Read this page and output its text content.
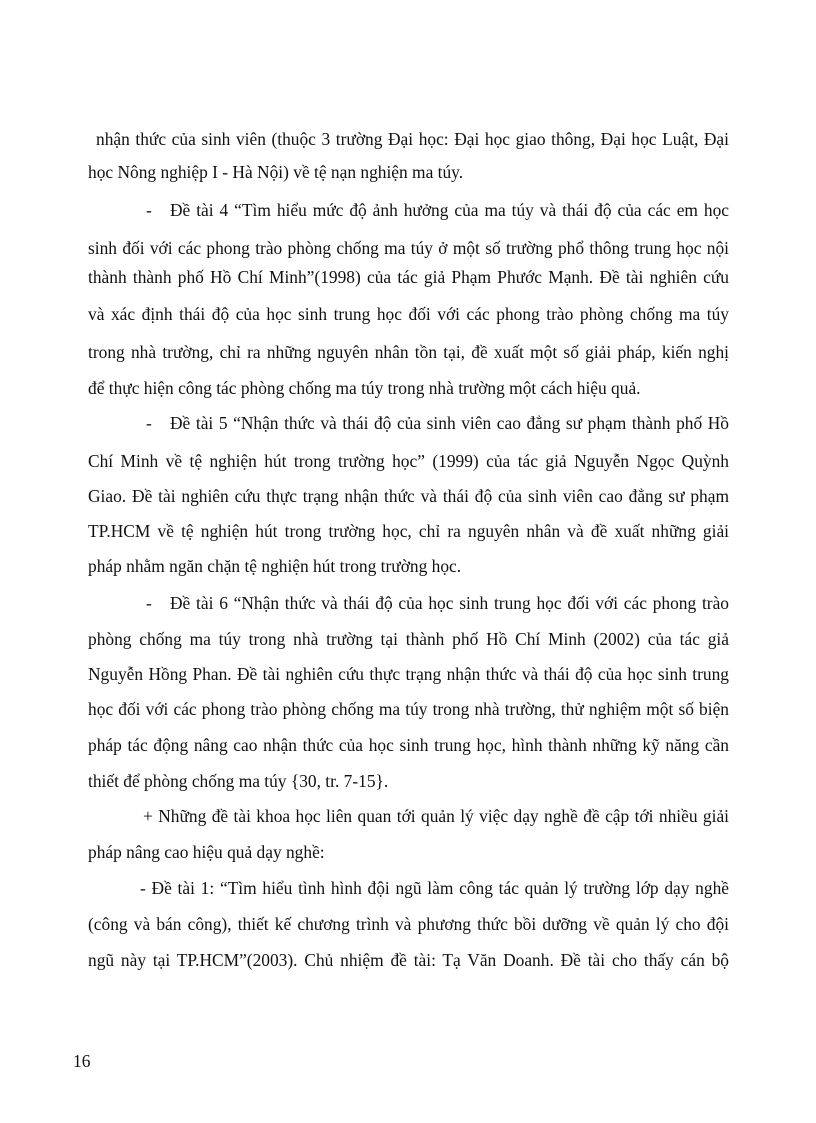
nhận thức của sinh viên (thuộc 3 trường Đại học: Đại học giao thông, Đại học Luật, Đại
học Nông nghiệp I - Hà Nội) về tệ nạn nghiện ma túy.
- Đề tài 4 “Tìm hiểu mức độ ảnh hưởng của ma túy và thái độ của các em học
sinh đối với các phong trào phòng chống ma túy ở một số trường phổ thông trung học nội
thành thành phố Hồ Chí Minh”(1998) của tác giả Phạm Phước Mạnh. Đề tài nghiên cứu
và xác định thái độ của học sinh trung học đối với các phong trào phòng chống ma túy
trong nhà trường, chỉ ra những nguyên nhân tồn tại, đề xuất một số giải pháp, kiến nghị
để thực hiện công tác phòng chống ma túy trong nhà trường một cách hiệu quả.
- Đề tài 5 “Nhận thức và thái độ của sinh viên cao đẳng sư phạm thành phố Hồ
Chí Minh về tệ nghiện hút trong trường học” (1999) của tác giả Nguyễn Ngọc Quỳnh
Giao. Đề tài nghiên cứu thực trạng nhận thức và thái độ của sinh viên cao đẳng sư phạm
TP.HCM về tệ nghiện hút trong trường học, chỉ ra nguyên nhân và đề xuất những giải
pháp nhằm ngăn chặn tệ nghiện hút trong trường học.
- Đề tài 6 “Nhận thức và thái độ của học sinh trung học đối với các phong trào
phòng chống ma túy trong nhà trường tại thành phố Hồ Chí Minh (2002) của tác giả
Nguyễn Hồng Phan. Đề tài nghiên cứu thực trạng nhận thức và thái độ của học sinh trung
học đối với các phong trào phòng chống ma túy trong nhà trường, thử nghiệm một số biện
pháp tác động nâng cao nhận thức của học sinh trung học, hình thành những kỹ năng cần
thiết để phòng chống ma túy {30, tr. 7-15}.
+ Những đề tài khoa học liên quan tới quản lý việc dạy nghề đề cập tới nhiều giải
pháp nâng cao hiệu quả dạy nghề:
- Đề tài 1: “Tìm hiểu tình hình đội ngũ làm công tác quản lý trường lớp dạy nghề
(công và bán công), thiết kế chương trình và phương thức bồi dưỡng về quản lý cho đội
ngũ này tại TP.HCM”(2003). Chủ nhiệm đề tài: Tạ Văn Doanh. Đề tài cho thấy cán bộ
16
